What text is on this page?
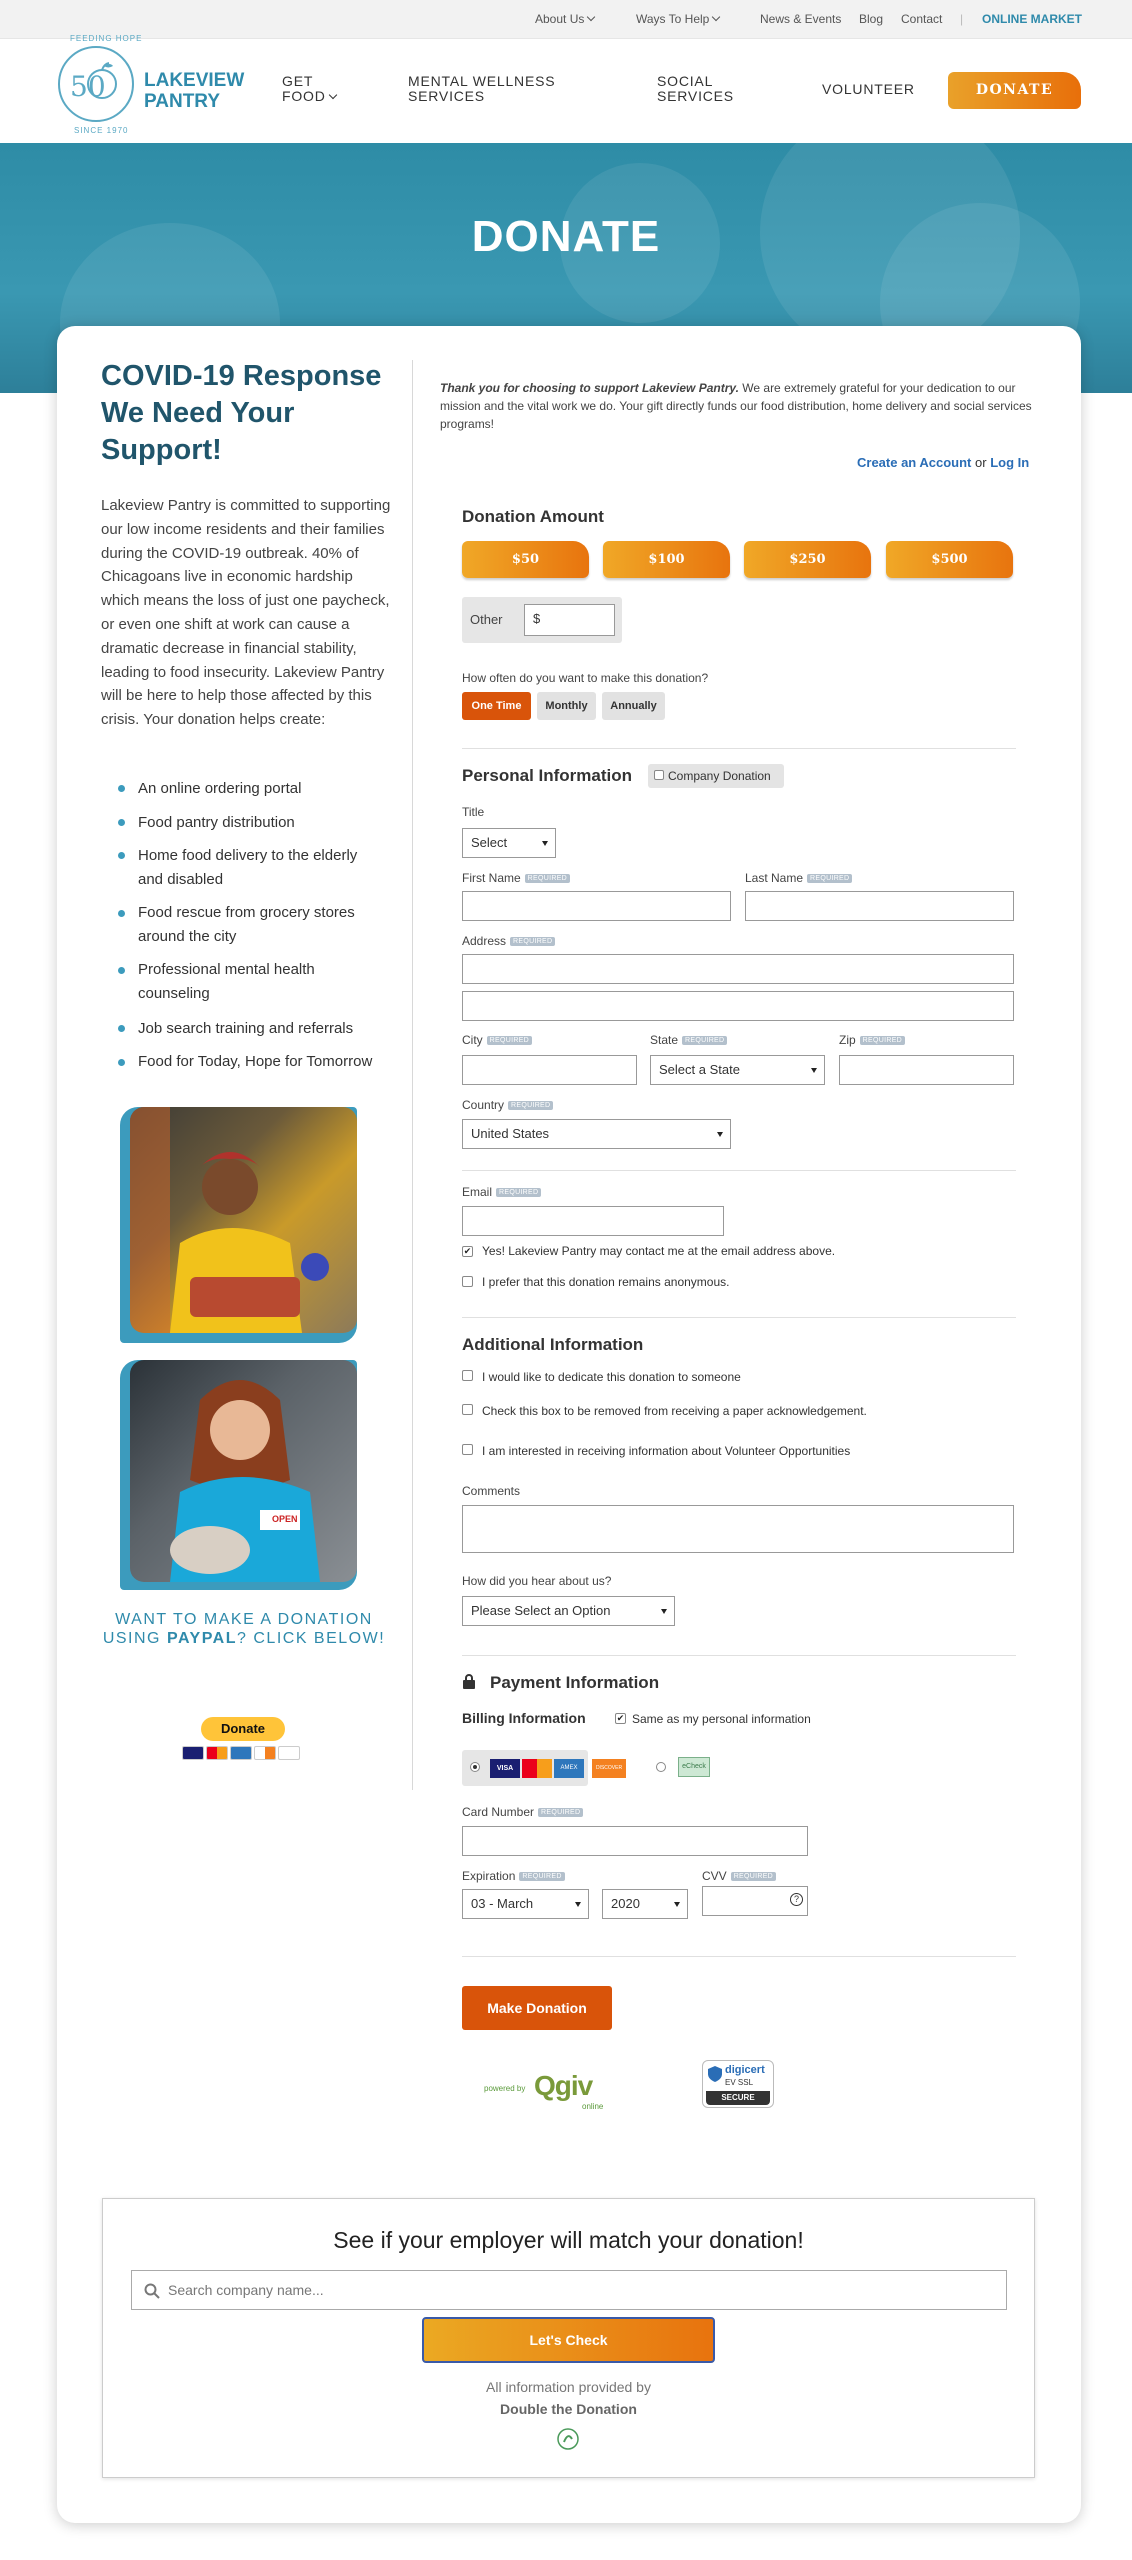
About Us	Ways To Help	News & Events Blog Contact | ONLINE MARKET
50
FEEDING HOPE
SINCE 1970
LAKEVIEW PANTRY
GET FOOD
MENTAL WELLNESS SERVICES
SOCIAL SERVICES	VOLUNTEER	DONATE
DONATE
COVID-19 Response We Need Your Support!
Lakeview Pantry is committed to supporting our low income residents and their families during the COVID-19 outbreak. 40% of Chicagoans live in economic hardship which means the loss of just one paycheck, or even one shift at work can cause a dramatic decrease in financial stability, leading to food insecurity. Lakeview Pantry will be here to help those affected by this crisis. Your donation helps create:
An online ordering portal
Food pantry distribution
Home food delivery to the elderly and disabled
Food rescue from grocery stores around the city
Professional mental health counseling
Job search training and referrals
Food for Today, Hope for Tomorrow
OPEN
WANT TO MAKE A DONATION
USING PAYPAL? CLICK BELOW!
Donate
Thank you for choosing to support Lakeview Pantry. We are extremely grateful for your dedication to our mission and the vital work we do. Your gift directly funds our food distribution, home delivery and social services programs!
Create an Account or Log In
Donation Amount
$50	$100	$250	$500
Other	$
How often do you want to make this donation?
One Time	Monthly	Annually
Personal Information	Company Donation
Title
Select
First Name REQUIRED	Last Name REQUIRED
Address REQUIRED
City REQUIRED	State REQUIRED
Select a State
Zip REQUIRED
Country REQUIRED
United States
Email REQUIRED
✔ Yes! Lakeview Pantry may contact me at the email address above.
I prefer that this donation remains anonymous.
Additional Information
I would like to dedicate this donation to someone
Check this box to be removed from receiving a paper acknowledgement.
I am interested in receiving information about Volunteer Opportunities
Comments
How did you hear about us?
Please Select an Option
Payment Information
Billing Information	✔ Same as my personal information
VISA	AMEX	DISCOVER	eCheck
Card Number REQUIRED
Expiration REQUIRED
03 - March	2020
CVV REQUIRED
?
Make Donation
powered by Qgiv
online
digicert
EV SSL
SECURE
See if your employer will match your donation!
Search company name...
Let's Check
All information provided by
Double the Donation
